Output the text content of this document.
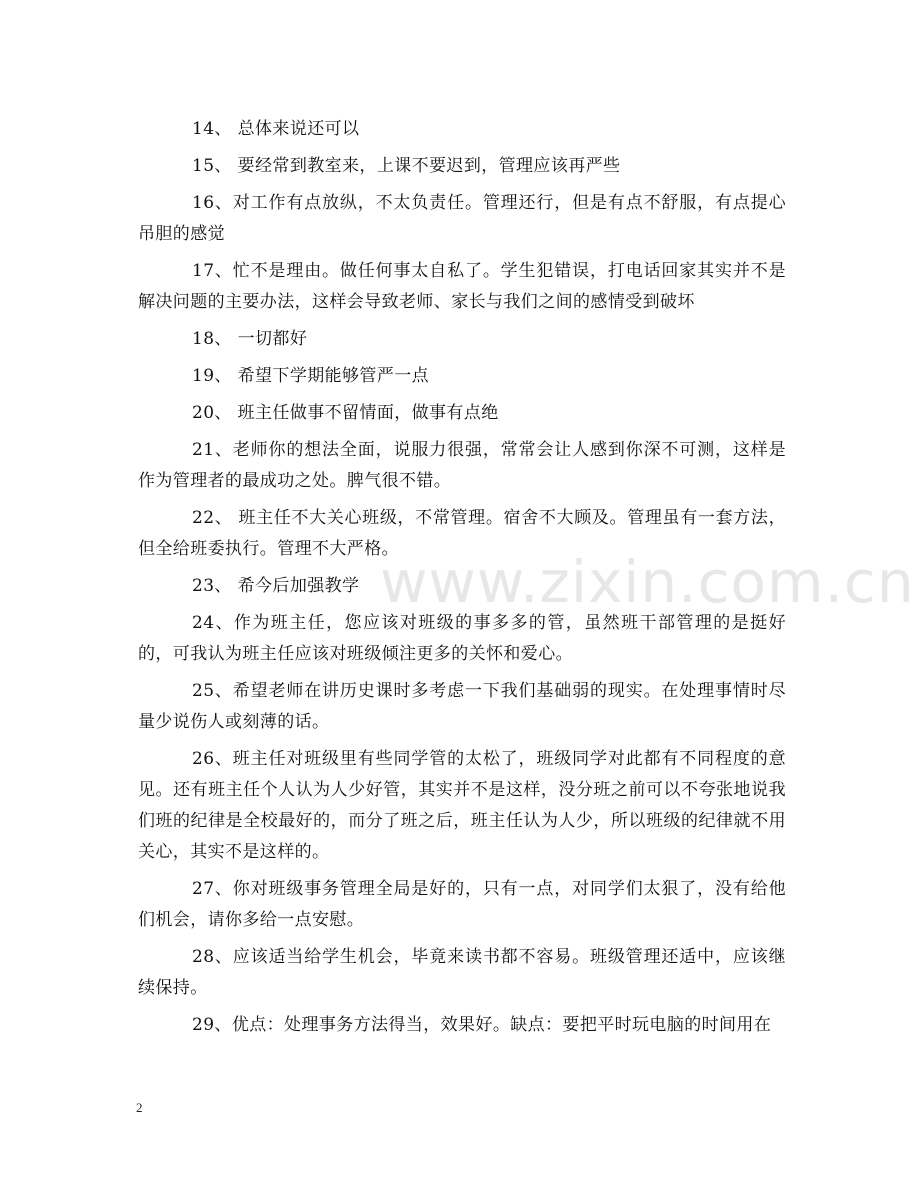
14、 总体来说还可以

15、 要经常到教室来，上课不要迟到，管理应该再严些

16、对工作有点放纵，不太负责任。管理还行，但是有点不舒服，有点提心吊胆的感觉

17、忙不是理由。做任何事太自私了。学生犯错误，打电话回家其实并不是解决问题的主要办法，这样会导致老师、家长与我们之间的感情受到破坏

18、 一切都好

19、 希望下学期能够管严一点

20、 班主任做事不留情面，做事有点绝

21、老师你的想法全面，说服力很强，常常会让人感到你深不可测，这样是作为管理者的最成功之处。脾气很不错。

22、 班主任不大关心班级，不常管理。宿舍不大顾及。管理虽有一套方法，但全给班委执行。管理不大严格。

23、 希今后加强教学

24、作为班主任，您应该对班级的事多多的管，虽然班干部管理的是挺好的，可我认为班主任应该对班级倾注更多的关怀和爱心。

25、希望老师在讲历史课时多考虑一下我们基础弱的现实。在处理事情时尽量少说伤人或刻薄的话。

26、班主任对班级里有些同学管的太松了，班级同学对此都有不同程度的意见。还有班主任个人认为人少好管，其实并不是这样，没分班之前可以不夸张地说我们班的纪律是全校最好的，而分了班之后，班主任认为人少，所以班级的纪律就不用关心，其实不是这样的。

27、你对班级事务管理全局是好的，只有一点，对同学们太狠了，没有给他们机会，请你多给一点安慰。

28、应该适当给学生机会，毕竟来读书都不容易。班级管理还适中，应该继续保持。

29、优点：处理事务方法得当，效果好。缺点：要把平时玩电脑的时间用在

www.zixin.com.cn
2
